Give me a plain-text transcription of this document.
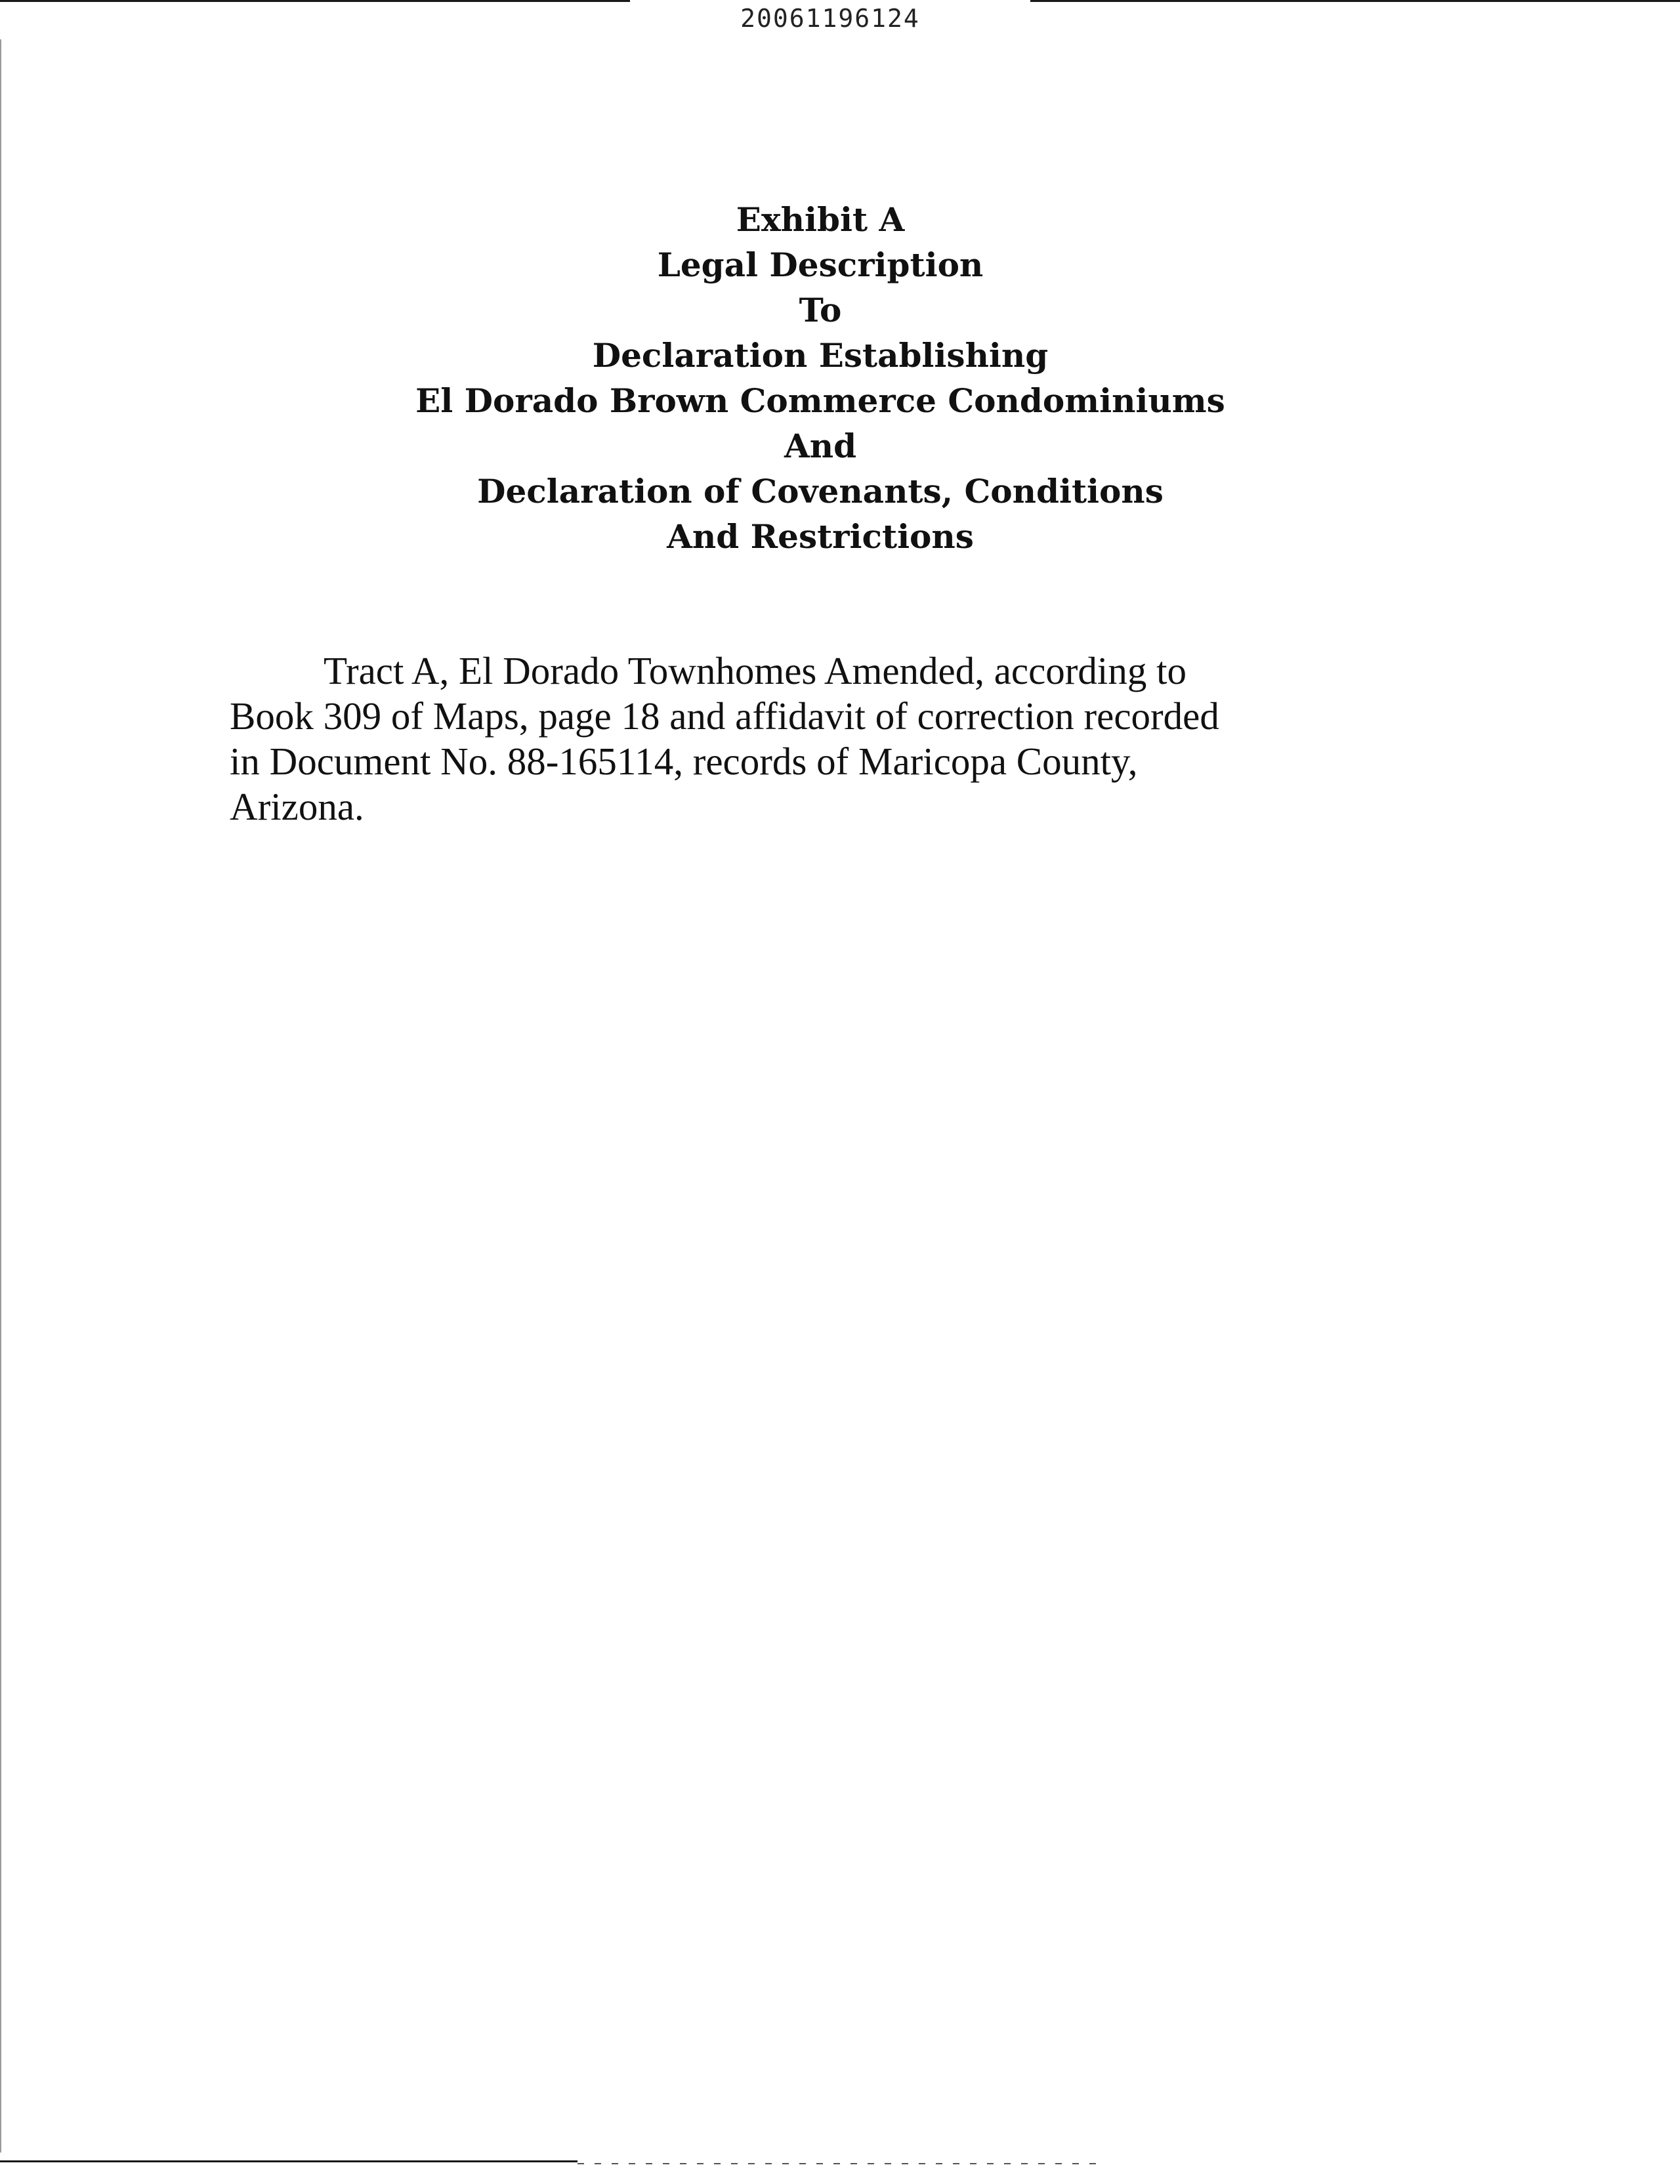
20061196124
Exhibit A
Legal Description
To
Declaration Establishing
El Dorado Brown Commerce Condominiums
And
Declaration of Covenants, Conditions
And Restrictions
Tract A, El Dorado Townhomes Amended, according to
Book 309 of Maps, page 18 and affidavit of correction recorded
in Document No. 88-165114, records of Maricopa County,
Arizona.
